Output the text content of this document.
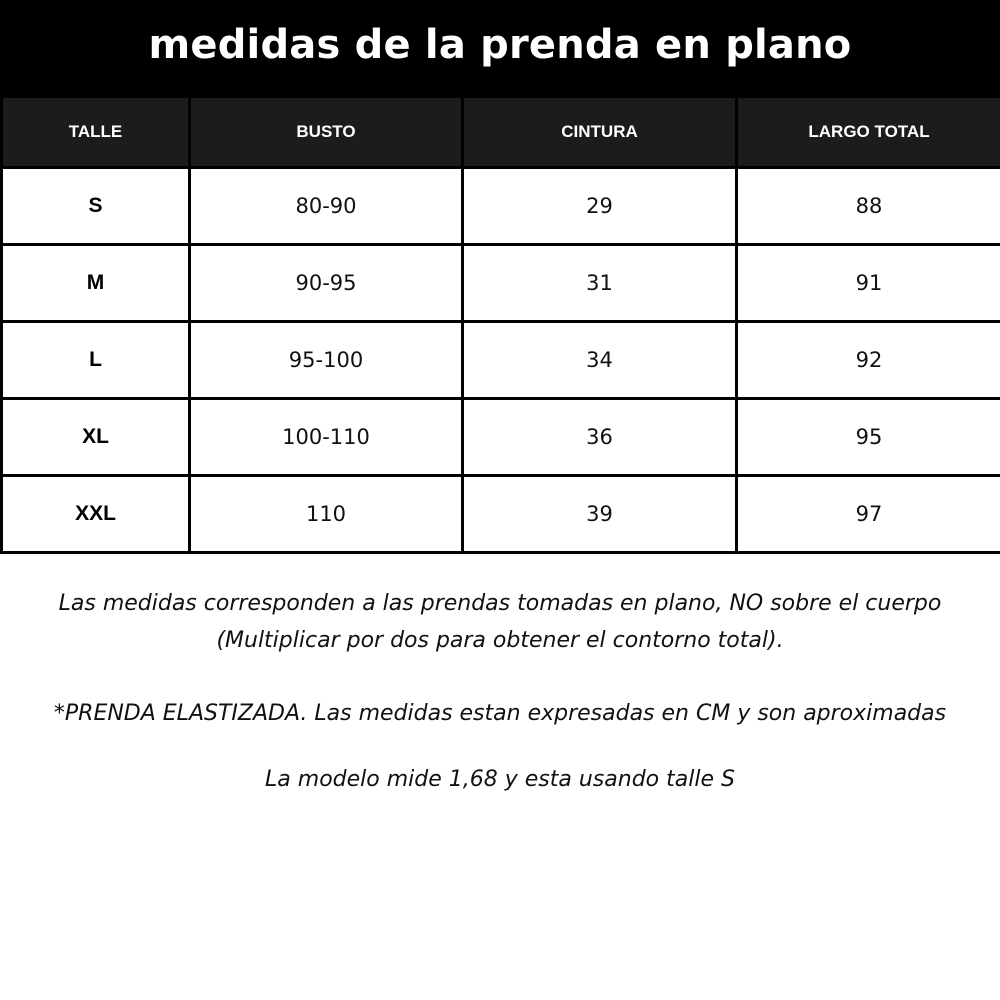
medidas de la prenda en plano
TALLE	BUSTO	CINTURA	LARGO TOTAL
S	80-90	29	88
M	90-95	31	91
L	95-100	34	92
XL	100-110	36	95
XXL	110	39	97

Las medidas corresponden a las prendas tomadas en plano, NO sobre el cuerpo

(Multiplicar por dos para obtener el contorno total).

*PRENDA ELASTIZADA. Las medidas estan expresadas en CM y son aproximadas

La modelo mide 1,68 y esta usando talle S
